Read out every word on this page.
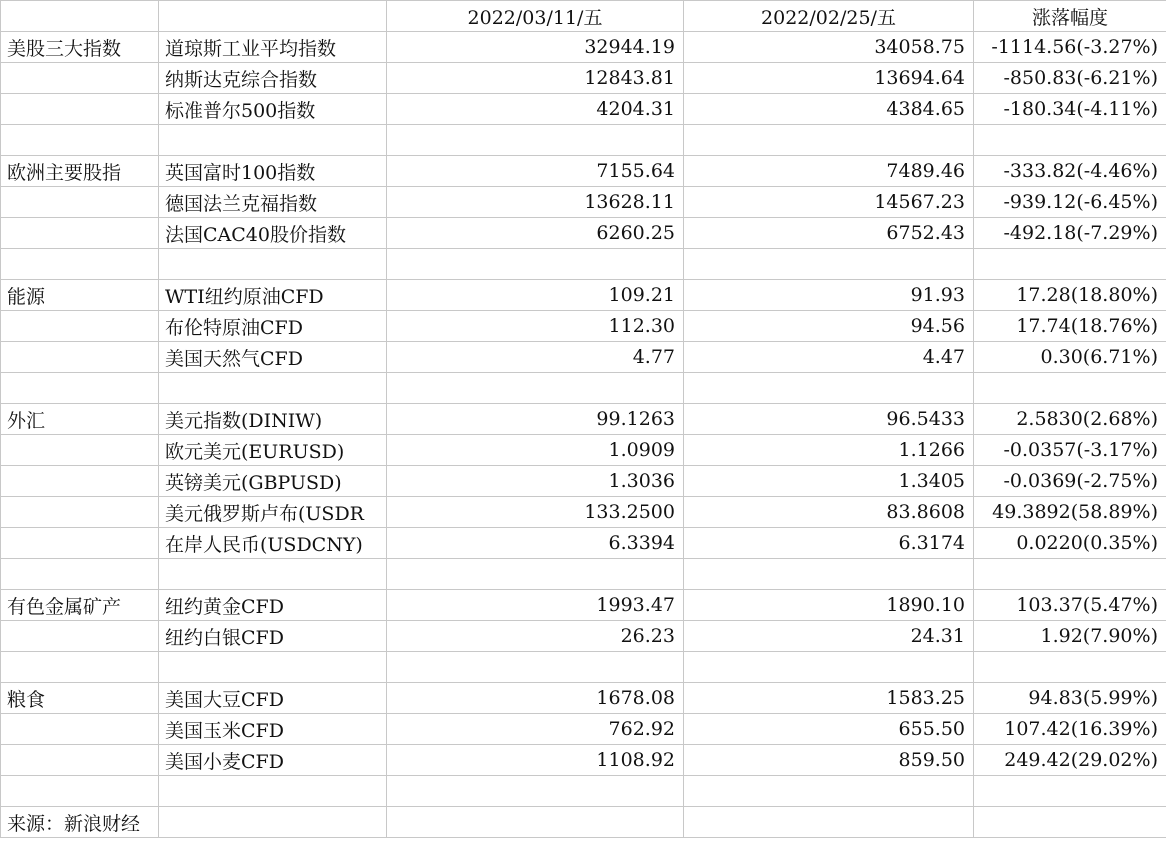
		2022/03/11/五	2022/02/25/五	涨落幅度
美股三大指数	道琼斯工业平均指数	32944.19	34058.75	-1114.56(-3.27%)
	纳斯达克综合指数	12843.81	13694.64	-850.83(-6.21%)
	标准普尔500指数	4204.31	4384.65	-180.34(-4.11%)

欧洲主要股指	英国富时100指数	7155.64	7489.46	-333.82(-4.46%)
	德国法兰克福指数	13628.11	14567.23	-939.12(-6.45%)
	法国CAC40股价指数	6260.25	6752.43	-492.18(-7.29%)

能源	WTI纽约原油CFD	109.21	91.93	17.28(18.80%)
	布伦特原油CFD	112.30	94.56	17.74(18.76%)
	美国天然气CFD	4.77	4.47	0.30(6.71%)

外汇	美元指数(DINIW)	99.1263	96.5433	2.5830(2.68%)
	欧元美元(EURUSD)	1.0909	1.1266	-0.0357(-3.17%)
	英镑美元(GBPUSD)	1.3036	1.3405	-0.0369(-2.75%)
	美元俄罗斯卢布(USDR	133.2500	83.8608	49.3892(58.89%)
	在岸人民币(USDCNY)	6.3394	6.3174	0.0220(0.35%)

有色金属矿产	纽约黄金CFD	1993.47	1890.10	103.37(5.47%)
	纽约白银CFD	26.23	24.31	1.92(7.90%)

粮食	美国大豆CFD	1678.08	1583.25	94.83(5.99%)
	美国玉米CFD	762.92	655.50	107.42(16.39%)
	美国小麦CFD	1108.92	859.50	249.42(29.02%)

来源：新浪财经				
